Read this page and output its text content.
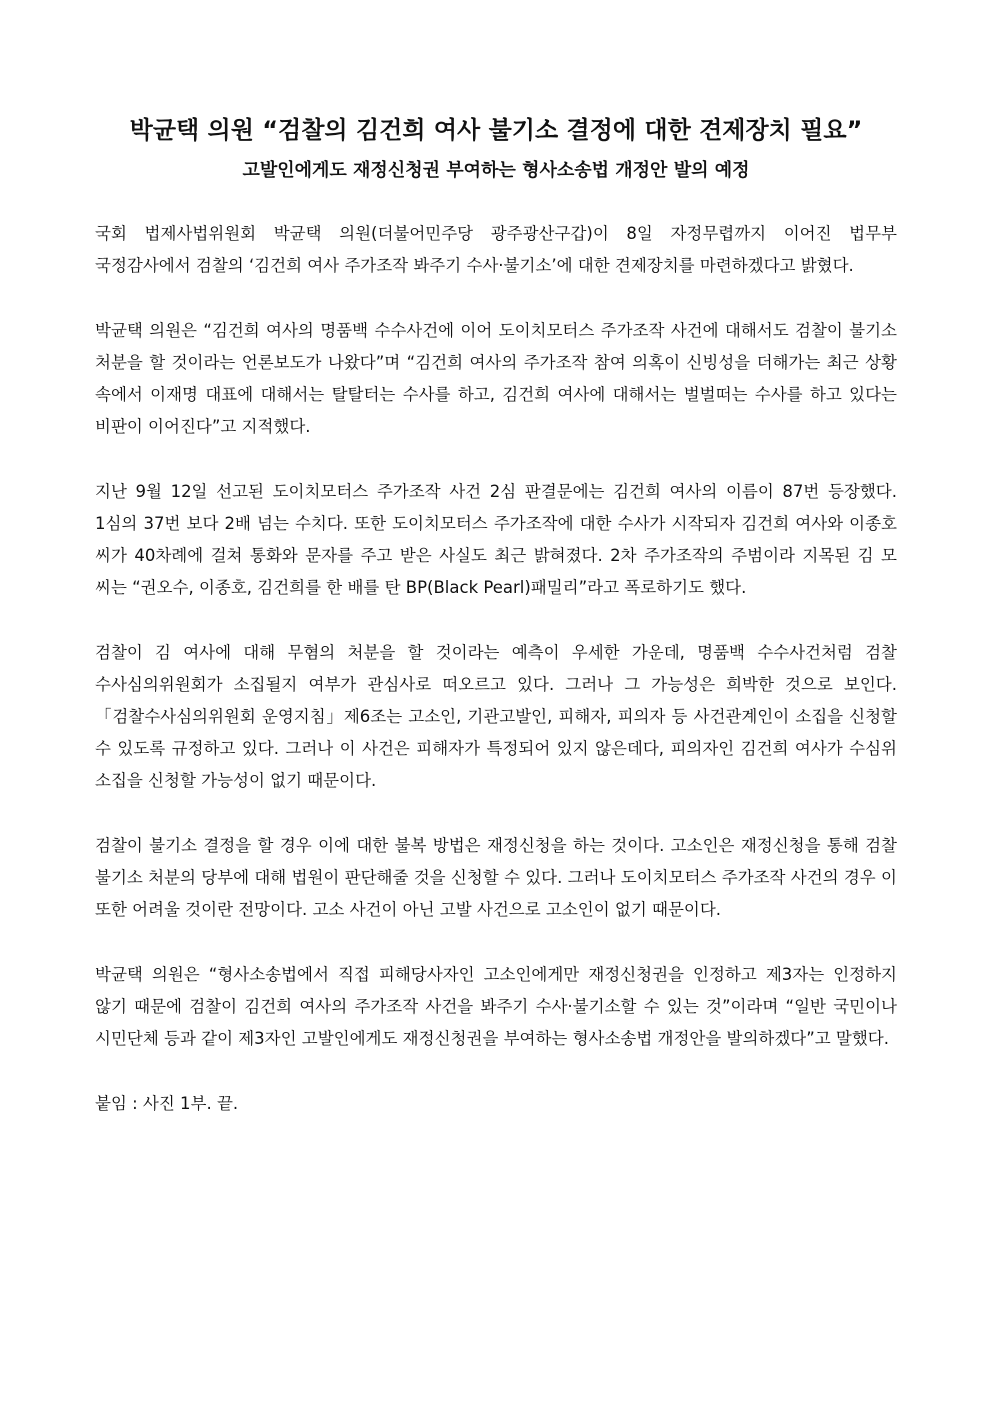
박균택 의원 “검찰의 김건희 여사 불기소 결정에 대한 견제장치 필요”
고발인에게도 재정신청권 부여하는 형사소송법 개정안 발의 예정

국회 법제사법위원회 박균택 의원(더불어민주당 광주광산구갑)이 8일 자정무렵까지 이어진 법무부 국정감사에서 검찰의 ‘김건희 여사 주가조작 봐주기 수사·불기소’에 대한 견제장치를 마련하겠다고 밝혔다.

박균택 의원은 “김건희 여사의 명품백 수수사건에 이어 도이치모터스 주가조작 사건에 대해서도 검찰이 불기소 처분을 할 것이라는 언론보도가 나왔다”며 “김건희 여사의 주가조작 참여 의혹이 신빙성을 더해가는 최근 상황 속에서 이재명 대표에 대해서는 탈탈터는 수사를 하고, 김건희 여사에 대해서는 벌벌떠는 수사를 하고 있다는 비판이 이어진다”고 지적했다.

지난 9월 12일 선고된 도이치모터스 주가조작 사건 2심 판결문에는 김건희 여사의 이름이 87번 등장했다. 1심의 37번 보다 2배 넘는 수치다. 또한 도이치모터스 주가조작에 대한 수사가 시작되자 김건희 여사와 이종호 씨가 40차례에 걸쳐 통화와 문자를 주고 받은 사실도 최근 밝혀졌다. 2차 주가조작의 주범이라 지목된 김 모 씨는 “권오수, 이종호, 김건희를 한 배를 탄 BP(Black Pearl)패밀리”라고 폭로하기도 했다.

검찰이 김 여사에 대해 무혐의 처분을 할 것이라는 예측이 우세한 가운데, 명품백 수수사건처럼 검찰 수사심의위원회가 소집될지 여부가 관심사로 떠오르고 있다. 그러나 그 가능성은 희박한 것으로 보인다.「검찰수사심의위원회 운영지침」제6조는 고소인, 기관고발인, 피해자, 피의자 등 사건관계인이 소집을 신청할 수 있도록 규정하고 있다. 그러나 이 사건은 피해자가 특정되어 있지 않은데다, 피의자인 김건희 여사가 수심위 소집을 신청할 가능성이 없기 때문이다.

검찰이 불기소 결정을 할 경우 이에 대한 불복 방법은 재정신청을 하는 것이다. 고소인은 재정신청을 통해 검찰 불기소 처분의 당부에 대해 법원이 판단해줄 것을 신청할 수 있다. 그러나 도이치모터스 주가조작 사건의 경우 이 또한 어려울 것이란 전망이다. 고소 사건이 아닌 고발 사건으로 고소인이 없기 때문이다.

박균택 의원은 “형사소송법에서 직접 피해당사자인 고소인에게만 재정신청권을 인정하고 제3자는 인정하지 않기 때문에 검찰이 김건희 여사의 주가조작 사건을 봐주기 수사·불기소할 수 있는 것”이라며 “일반 국민이나 시민단체 등과 같이 제3자인 고발인에게도 재정신청권을 부여하는 형사소송법 개정안을 발의하겠다”고 말했다.

붙임 : 사진 1부. 끝.
